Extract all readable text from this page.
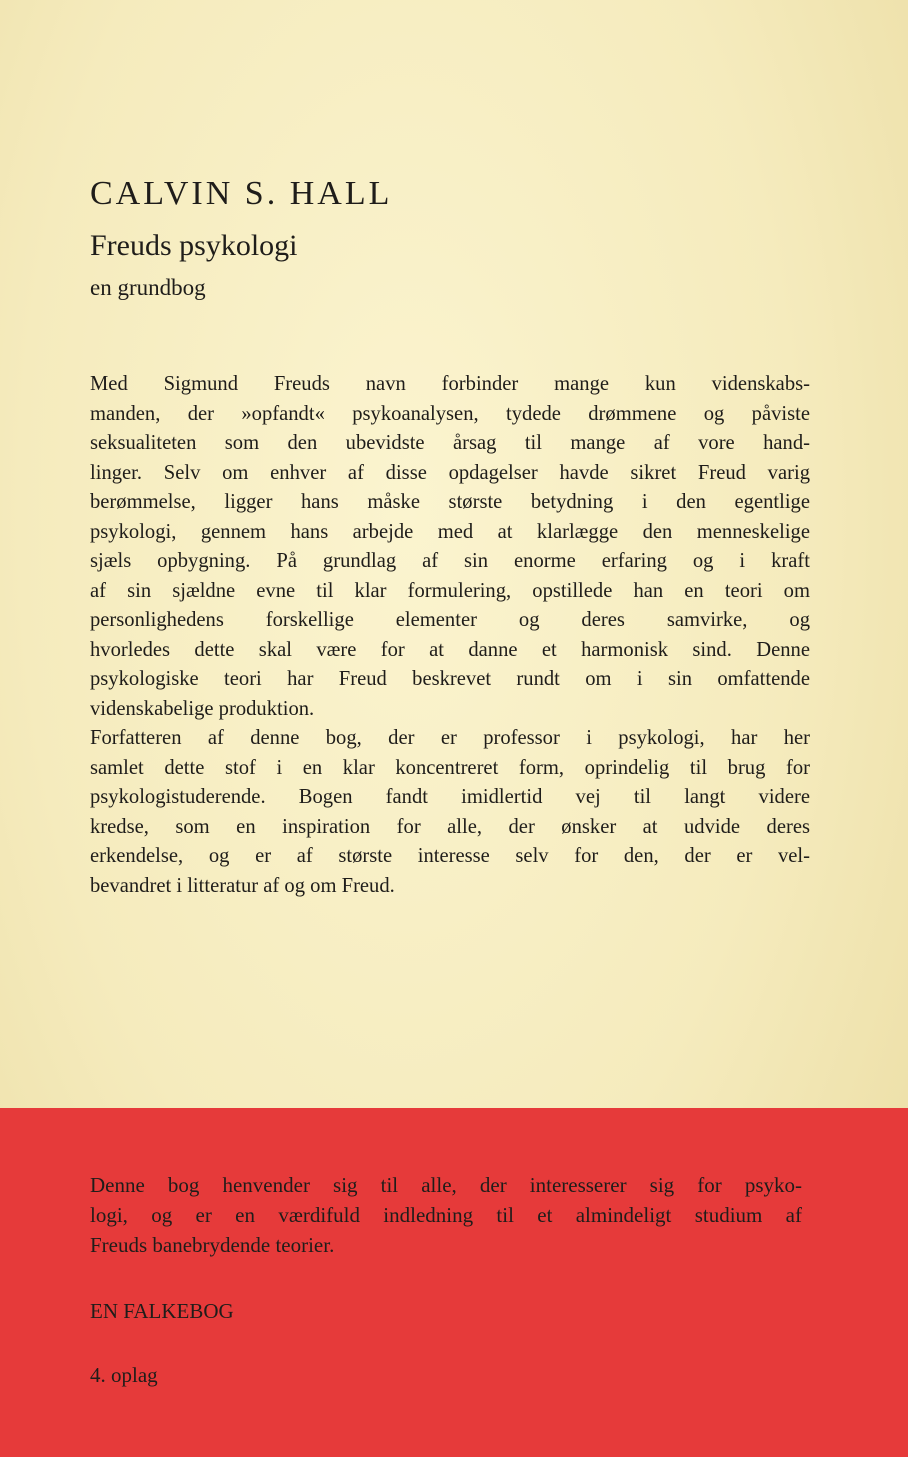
CALVIN S. HALL
Freuds psykologi

en grundbog

Med Sigmund Freuds navn forbinder mange kun videnskabs-
manden, der »opfandt« psykoanalysen, tydede drømmene og påviste
seksualiteten som den ubevidste årsag til mange af vore hand-
linger. Selv om enhver af disse opdagelser havde sikret Freud varig
berømmelse, ligger hans måske største betydning i den egentlige
psykologi, gennem hans arbejde med at klarlægge den menneskelige
sjæls opbygning. På grundlag af sin enorme erfaring og i kraft
af sin sjældne evne til klar formulering, opstillede han en teori om
personlighedens forskellige elementer og deres samvirke, og
hvorledes dette skal være for at danne et harmonisk sind. Denne
psykologiske teori har Freud beskrevet rundt om i sin omfattende
videnskabelige produktion.
Forfatteren af denne bog, der er professor i psykologi, har her
samlet dette stof i en klar koncentreret form, oprindelig til brug for
psykologistuderende. Bogen fandt imidlertid vej til langt videre
kredse, som en inspiration for alle, der ønsker at udvide deres
erkendelse, og er af største interesse selv for den, der er vel-
bevandret i litteratur af og om Freud.
Denne bog henvender sig til alle, der interesserer sig for psyko-
logi, og er en værdifuld indledning til et almindeligt studium af
Freuds banebrydende teorier.
EN FALKEBOG
4. oplag
